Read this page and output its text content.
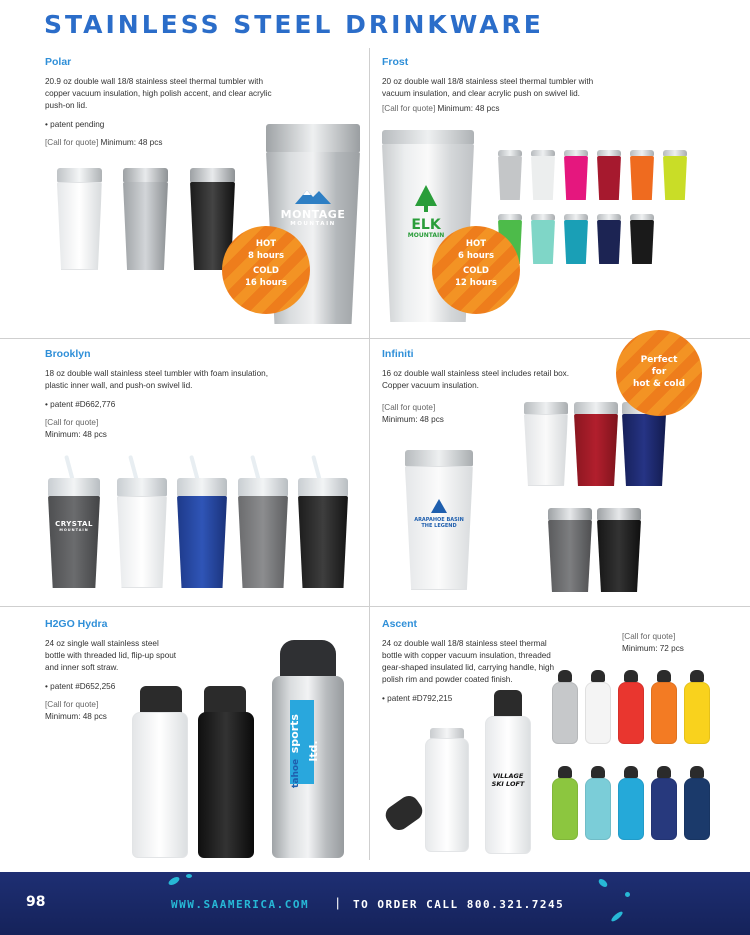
STAINLESS STEEL DRINKWARE
Polar
20.9 oz double wall 18/8 stainless steel thermal tumbler with copper vacuum insulation, high polish accent, and clear acrylic push-on lid.
• patent pending
[Call for quote] Minimum: 48 pcs
MONTAGE
MOUNTAIN
HOT
8 hours
COLD
16 hours
Frost
20 oz double wall 18/8 stainless steel thermal tumbler with vacuum insulation, and clear acrylic push on swivel lid.
[Call for quote] Minimum: 48 pcs
ELK
MOUNTAIN
HOT
6 hours
COLD
12 hours
Brooklyn
18 oz double wall stainless steel tumbler with foam insulation, plastic inner wall, and push-on swivel lid.
• patent #D662,776
[Call for quote]
Minimum: 48 pcs
CRYSTAL
MOUNTAIN
Infiniti
16 oz double wall stainless steel includes retail box. Copper vacuum insulation.
[Call for quote]
Minimum: 48 pcs
ARAPAHOE BASIN
THE LEGEND
Perfect
for
hot & cold
H2GO Hydra
24 oz single wall stainless steel bottle with threaded lid, flip-up spout and inner soft straw.
• patent #D652,256
[Call for quote]
Minimum: 48 pcs
tahoe sports ltd.
Ascent
24 oz double wall 18/8 stainless steel thermal bottle with copper vacuum insulation, threaded gear-shaped insulated lid, carrying handle, high polish rim and powder coated finish.
• patent #D792,215
[Call for quote]
Minimum: 72 pcs
VILLAGE
SKI LOFT
98	WWW.SAAMERICA.COM | TO ORDER CALL 800.321.7245
